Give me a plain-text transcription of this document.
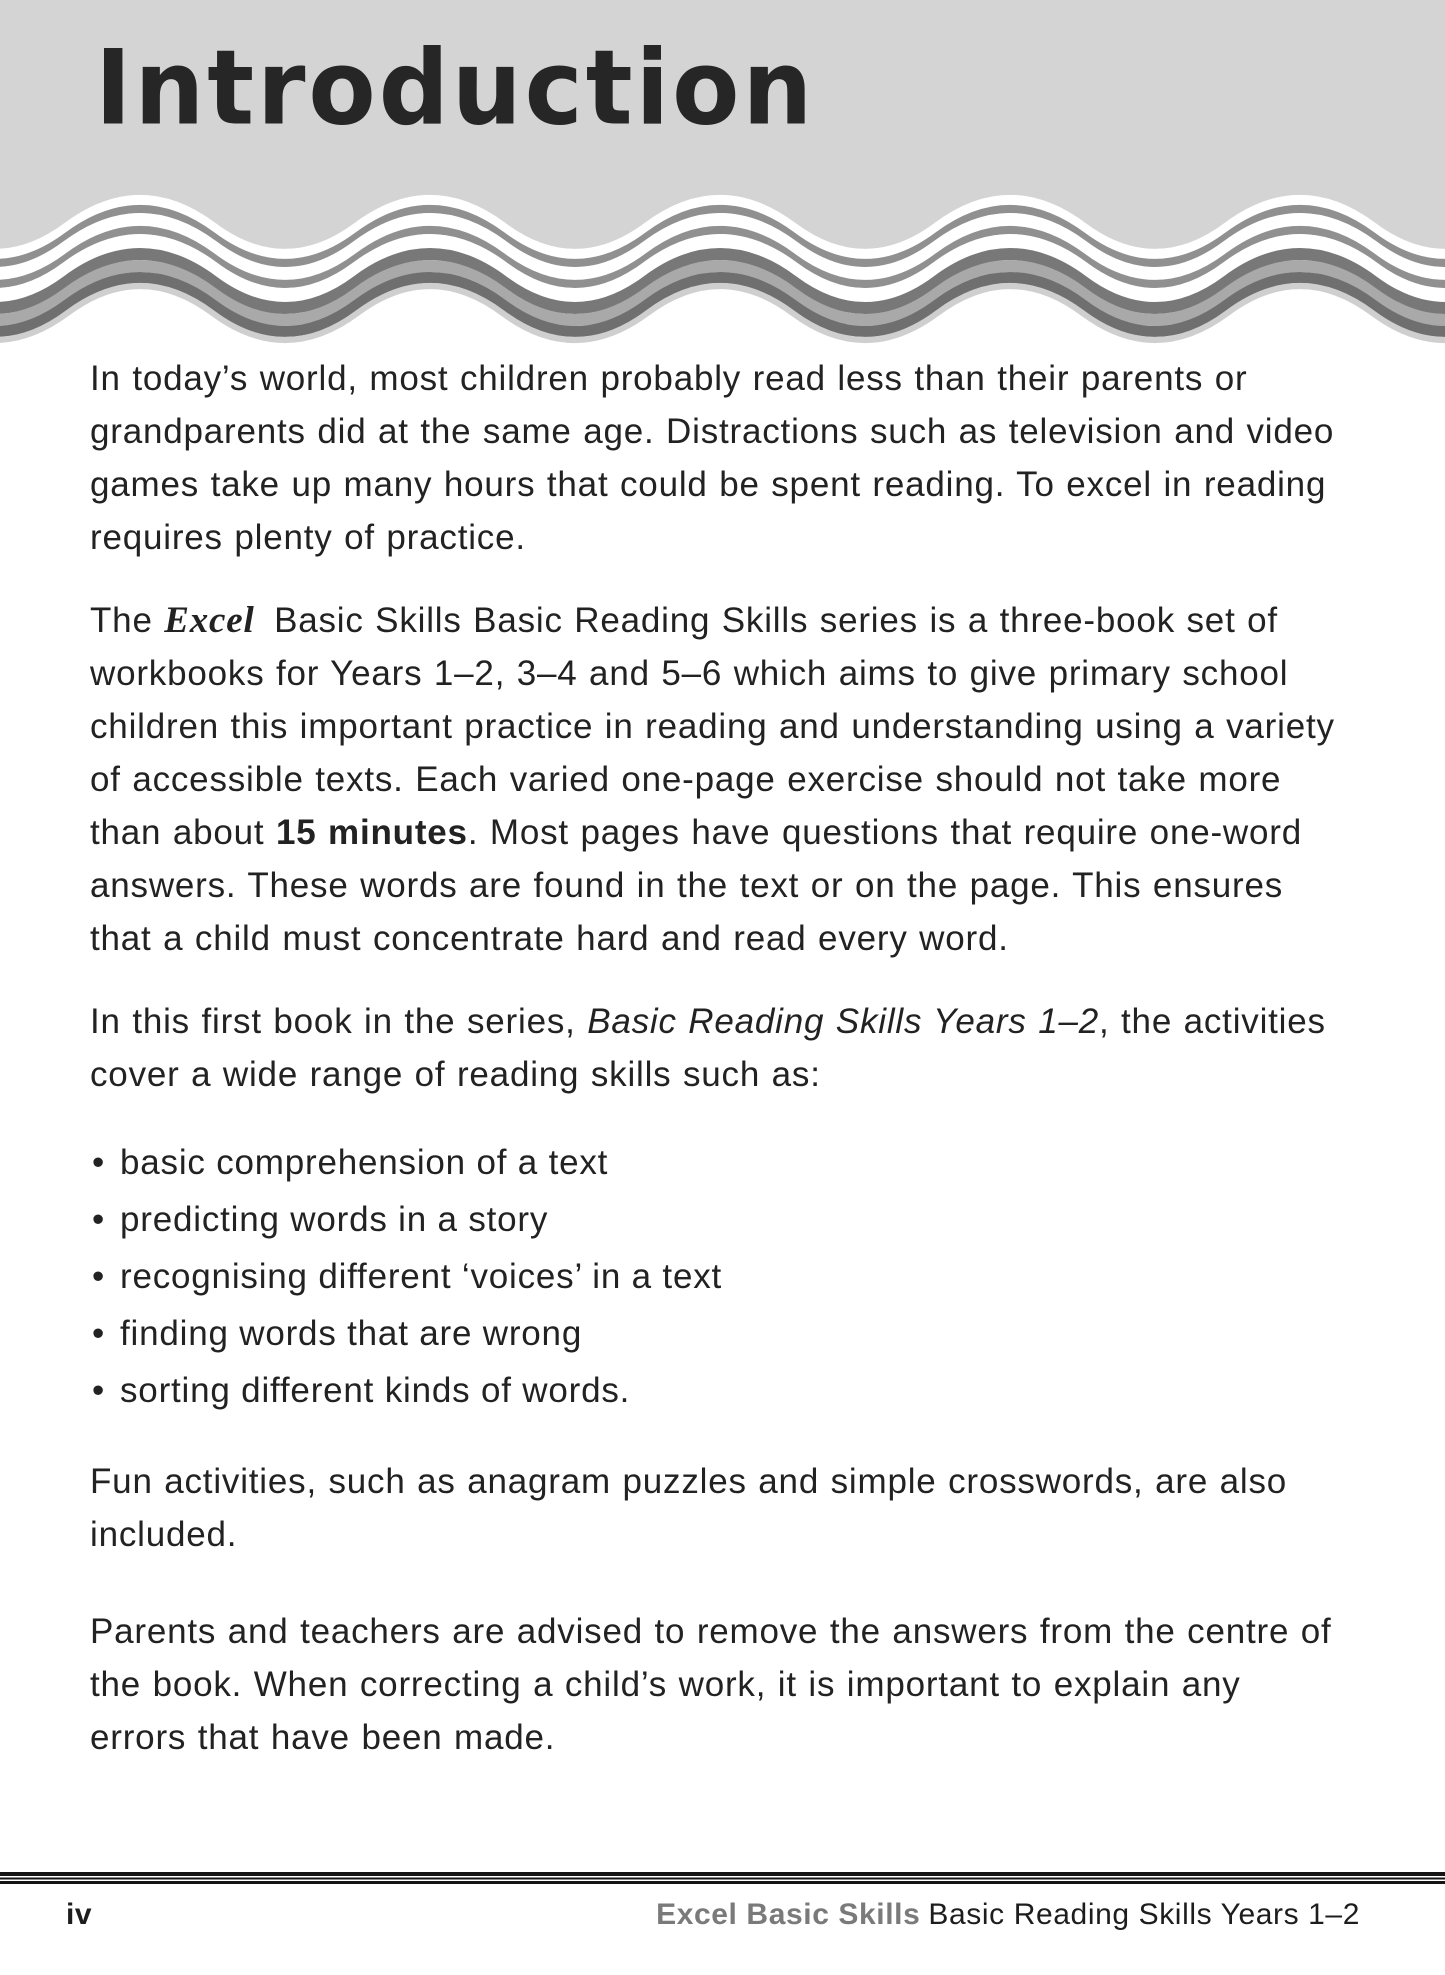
Introduction

In today’s world, most children probably read less than their parents or grandparents did at the same age. Distractions such as television and video games take up many hours that could be spent reading. To excel in reading requires plenty of practice.

The Excel Basic Skills Basic Reading Skills series is a three-book set of workbooks for Years 1–2, 3–4 and 5–6 which aims to give primary school children this important practice in reading and understanding using a variety of accessible texts. Each varied one-page exercise should not take more than about 15 minutes. Most pages have questions that require one-word answers. These words are found in the text or on the page. This ensures that a child must concentrate hard and read every word.

In this first book in the series, Basic Reading Skills Years 1–2, the activities cover a wide range of reading skills such as:

• basic comprehension of a text
• predicting words in a story
• recognising different ‘voices’ in a text
• finding words that are wrong
• sorting different kinds of words.

Fun activities, such as anagram puzzles and simple crosswords, are also included.

Parents and teachers are advised to remove the answers from the centre of the book. When correcting a child’s work, it is important to explain any errors that have been made.

iv	Excel Basic Skills Basic Reading Skills Years 1–2
